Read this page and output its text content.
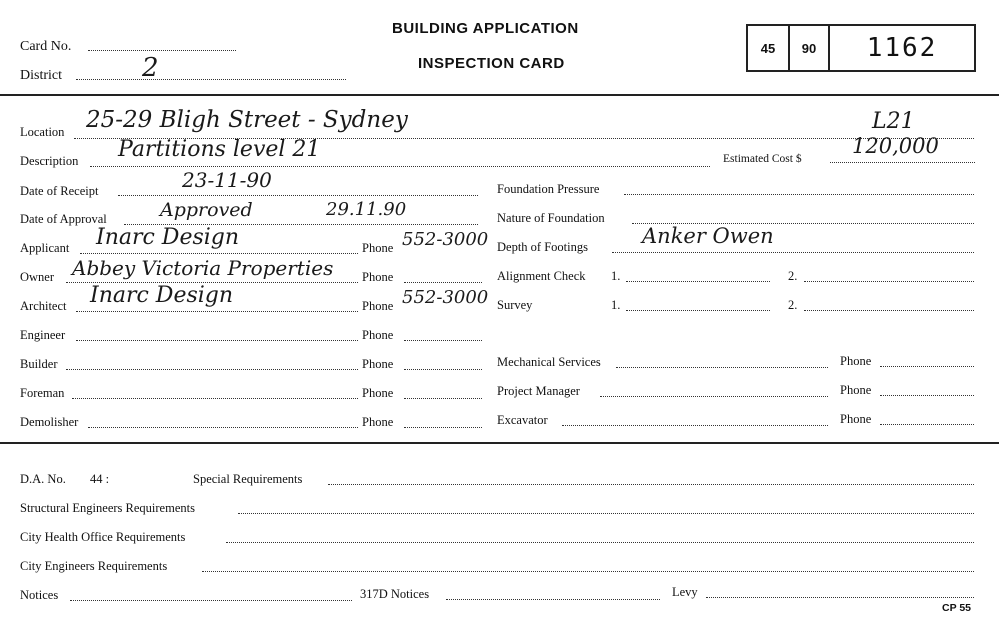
Card No.
District	2
BUILDING APPLICATION
INSPECTION CARD
45	90	1162
Location 25-29 Bligh Street - Sydney	L21
Description Partitions level 21	Estimated Cost $
120,000
Date of Receipt	23-11-90
Date of Approval	Approved	29.11.90
Applicant Inarc Design	Phone 552-3000
Owner Abbey Victoria Properties Phone
Architect Inarc Design	Phone 552-3000
Engineer	Phone
Builder	Phone
Foreman	Phone
Demolisher	Phone
Foundation Pressure
Nature of Foundation
Depth of Footings	Anker Owen
Alignment Check 1.	2.
Survey	1.	2.
Mechanical Services	Phone
Project Manager	Phone
Excavator	Phone
D.A. No. 44 :	Special Requirements
Structural Engineers Requirements
City Health Office Requirements
City Engineers Requirements
Notices	317D Notices	Levy
CP 55
